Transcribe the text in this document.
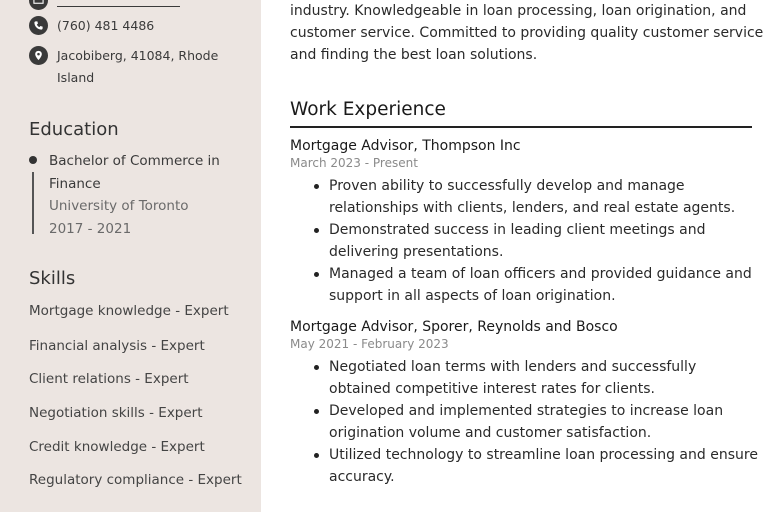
(760) 481 4486
Jacobiberg, 41084, Rhode Island
Education
Bachelor of Commerce in Finance
University of Toronto
2017 - 2021
Skills
Mortgage knowledge - Expert
Financial analysis - Expert
Client relations - Expert
Negotiation skills - Expert
Credit knowledge - Expert
Regulatory compliance - Expert
industry. Knowledgeable in loan processing, loan origination, and customer service. Committed to providing quality customer service and finding the best loan solutions.
Work Experience
Mortgage Advisor, Thompson Inc
March 2023 - Present
Proven ability to successfully develop and manage relationships with clients, lenders, and real estate agents.
Demonstrated success in leading client meetings and delivering presentations.
Managed a team of loan officers and provided guidance and support in all aspects of loan origination.
Mortgage Advisor, Sporer, Reynolds and Bosco
May 2021 - February 2023
Negotiated loan terms with lenders and successfully obtained competitive interest rates for clients.
Developed and implemented strategies to increase loan origination volume and customer satisfaction.
Utilized technology to streamline loan processing and ensure accuracy.
